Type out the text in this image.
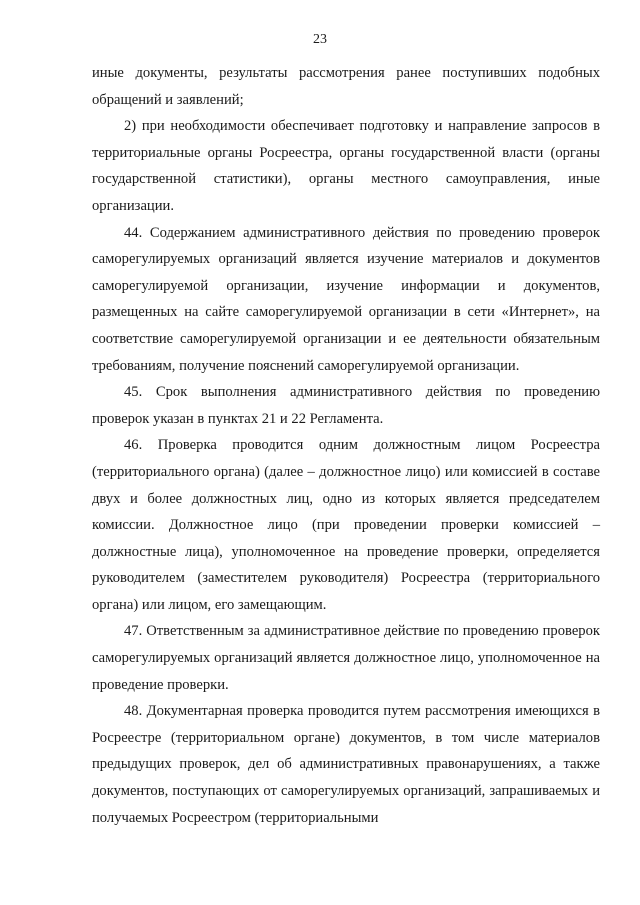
23

иные документы, результаты рассмотрения ранее поступивших подобных обращений и заявлений;

2) при необходимости обеспечивает подготовку и направление запросов в территориальные органы Росреестра, органы государственной власти (органы государственной статистики), органы местного самоуправления, иные организации.

44. Содержанием административного действия по проведению проверок саморегулируемых организаций является изучение материалов и документов саморегулируемой организации, изучение информации и документов, размещенных на сайте саморегулируемой организации в сети «Интернет», на соответствие саморегулируемой организации и ее деятельности обязательным требованиям, получение пояснений саморегулируемой организации.

45. Срок выполнения административного действия по проведению проверок указан в пунктах 21 и 22 Регламента.

46. Проверка проводится одним должностным лицом Росреестра (территориального органа) (далее – должностное лицо) или комиссией в составе двух и более должностных лиц, одно из которых является председателем комиссии. Должностное лицо (при проведении проверки комиссией – должностные лица), уполномоченное на проведение проверки, определяется руководителем (заместителем руководителя) Росреестра (территориального органа) или лицом, его замещающим.

47. Ответственным за административное действие по проведению проверок саморегулируемых организаций является должностное лицо, уполномоченное на проведение проверки.

48. Документарная проверка проводится путем рассмотрения имеющихся в Росреестре (территориальном органе) документов, в том числе материалов предыдущих проверок, дел об административных правонарушениях, а также документов, поступающих от саморегулируемых организаций, запрашиваемых и получаемых Росреестром (территориальными
